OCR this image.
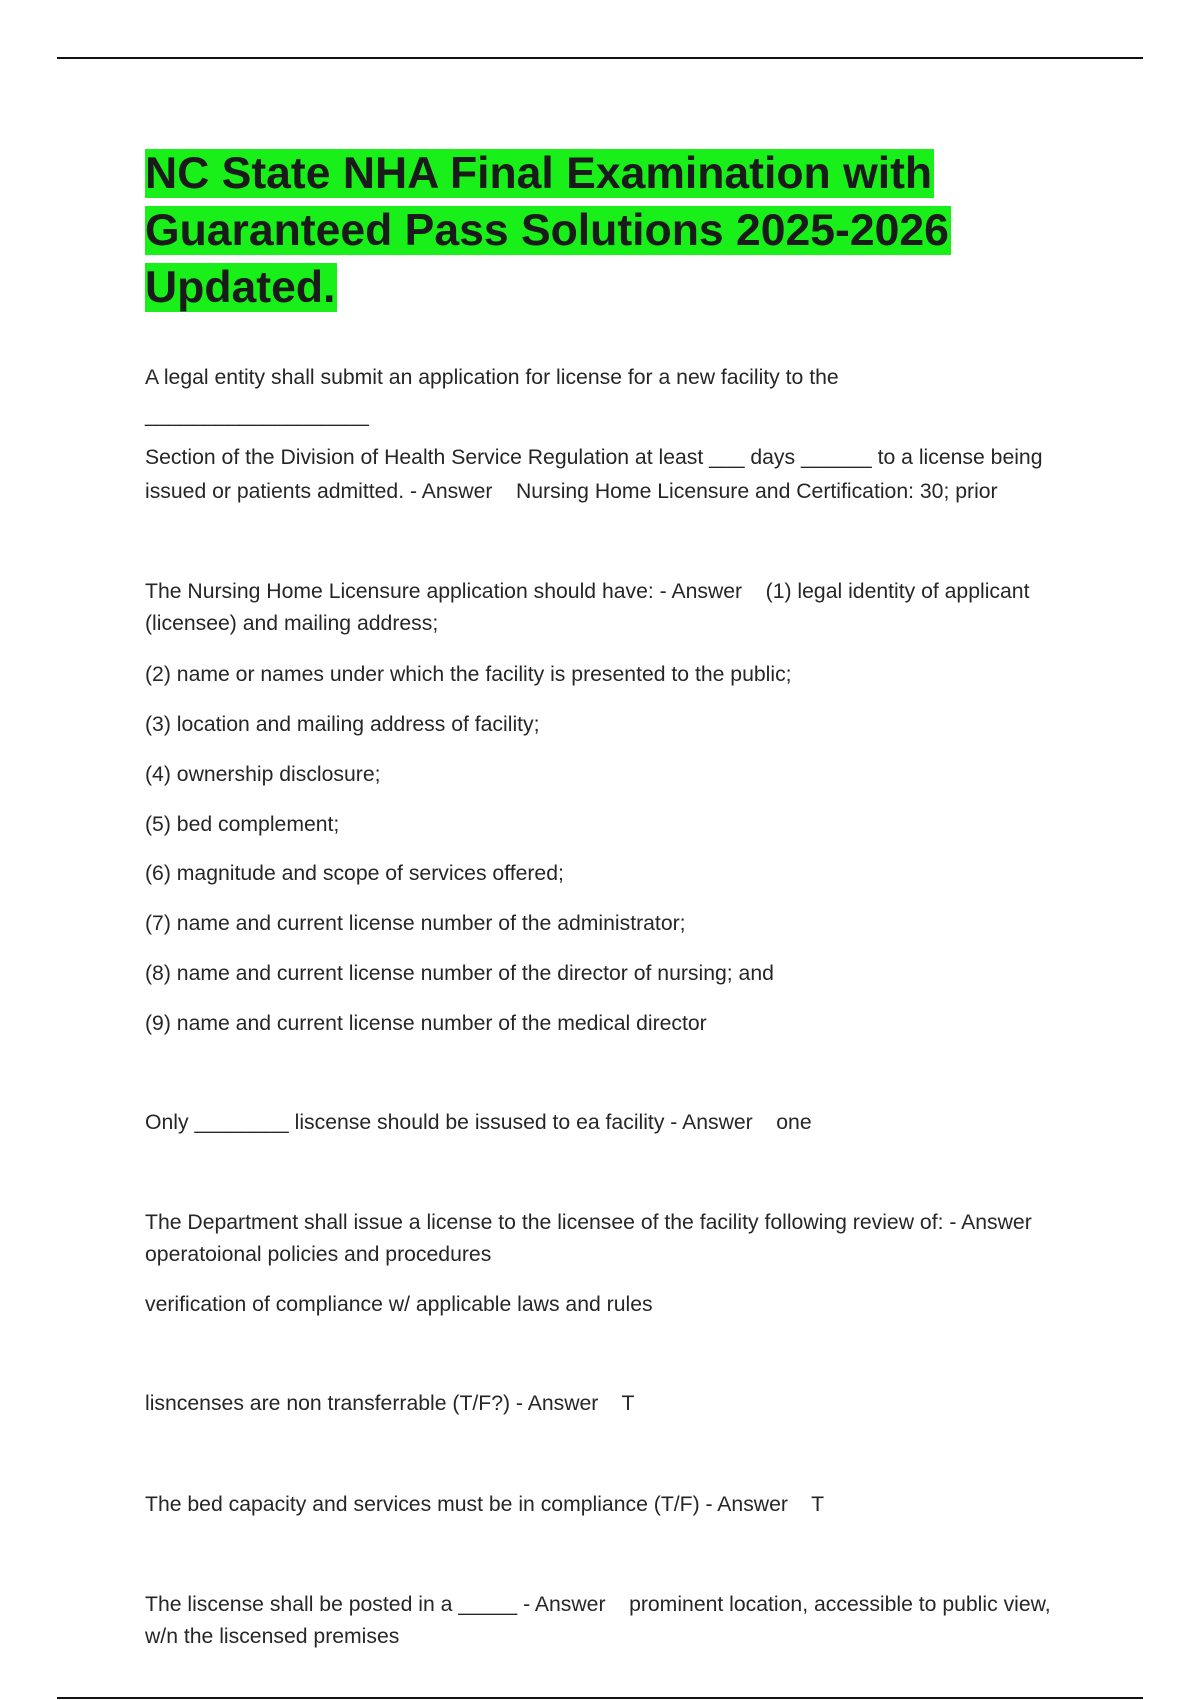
NC State NHA Final Examination with Guaranteed Pass Solutions 2025-2026 Updated.

A legal entity shall submit an application for license for a new facility to the

___________________

Section of the Division of Health Service Regulation at least ___ days ______ to a license being

issued or patients admitted. - Answer    Nursing Home Licensure and Certification: 30; prior

The Nursing Home Licensure application should have: - Answer    (1) legal identity of applicant

(licensee) and mailing address;

(2) name or names under which the facility is presented to the public;

(3) location and mailing address of facility;

(4) ownership disclosure;

(5) bed complement;

(6) magnitude and scope of services offered;

(7) name and current license number of the administrator;

(8) name and current license number of the director of nursing; and

(9) name and current license number of the medical director

Only ________ liscense should be issused to ea facility - Answer    one

The Department shall issue a license to the licensee of the facility following review of: - Answer

operatoional policies and procedures

verification of compliance w/ applicable laws and rules

lisncenses are non transferrable (T/F?) - Answer    T

The bed capacity and services must be in compliance (T/F) - Answer    T

The liscense shall be posted in a _____ - Answer    prominent location, accessible to public view,

w/n the liscensed premises
